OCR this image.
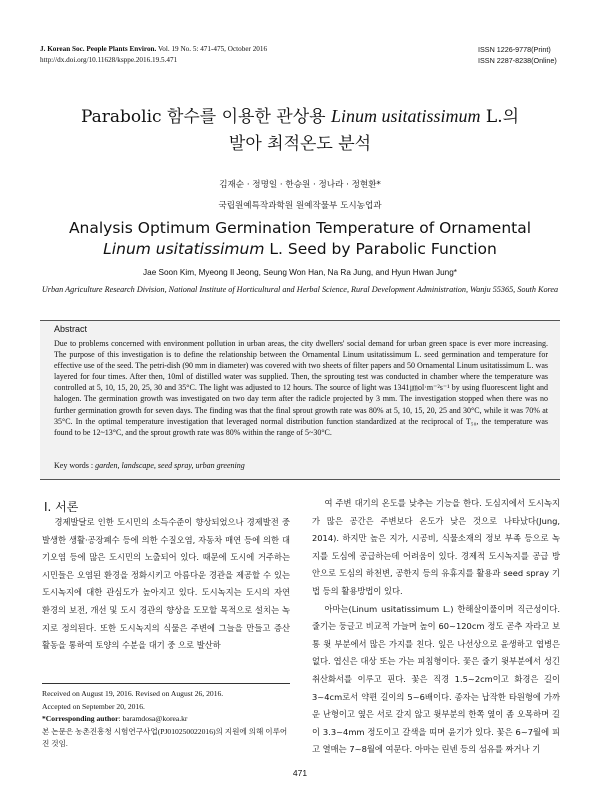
J. Korean Soc. People Plants Environ. Vol. 19 No. 5: 471-475, October 2016
http://dx.doi.org/10.11628/ksppe.2016.19.5.471
ISSN 1226-9778(Print)
ISSN 2287-8238(Online)
Parabolic 함수를 이용한 관상용 Linum usitatissimum L.의
발아 최적온도 분석
김재순 · 정명일 · 한승원 · 정나라 · 정현환*
국립원예특작과학원 원예작물부 도시농업과
Analysis Optimum Germination Temperature of Ornamental
Linum usitatissimum L. Seed by Parabolic Function
Jae Soon Kim, Myeong Il Jeong, Seung Won Han, Na Ra Jung, and Hyun Hwan Jung*
Urban Agriculture Research Division, National Institute of Horticultural and Herbal Science, Rural Development Administration, Wanju 55365, South Korea
Abstract
Due to problems concerned with environment pollution in urban areas, the city dwellers' social demand for urban green space is ever more increasing. The purpose of this investigation is to define the relationship between the Ornamental Linum usitatissimum L. seed germination and temperature for effective use of the seed. The petri-dish (90 mm in diameter) was covered with two sheets of filter papers and 50 Ornamental Linum usitatissimum L. was layered for four times. After then, 10ml of distilled water was supplied. Then, the sprouting test was conducted in chamber where the temperature was controlled at 5, 10, 15, 20, 25, 30 and 35°C. The light was adjusted to 12 hours. The source of light was 1341㎛ol·m⁻²s⁻¹ by using fluorescent light and halogen. The germination growth was investigated on two day term after the radicle projected by 3 mm. The investigation stopped when there was no further germination growth for seven days. The finding was that the final sprout growth rate was 80% at 5, 10, 15, 20, 25 and 30°C, while it was 70% at 35°C. In the optimal temperature investigation that leveraged normal distribution function standardized at the reciprocal of T₅₀, the temperature was found to be 12~13°C, and the sprout growth rate was 80% within the range of 5~30°C.
Key words : garden, landscape, seed spray, urban greening
Ⅰ. 서론
경제발달로 인한 도시민의 소득수준이 향상되었으나 경제발전 중 발생한 생활·공장폐수 등에 의한 수질오염, 자동차 매연 등에 의한 대기오염 등에 많은 도시민의 노출되어 있다. 때문에 도시에 거주하는 시민들은 오염된 환경을 정화시키고 아름다운 경관을 제공할 수 있는 도시녹지에 대한 관심도가 높아지고 있다. 도시녹지는 도시의 자연 환경의 보전, 개선 및 도시 경관의 향상을 도모할 목적으로 설치는 녹지로 정의된다. 또한 도시녹지의 식물은 주변에 그늘을 만들고 증산활동을 통하여 토양의 수분을 대기 중 으로 발산하

여 주변 대기의 온도를 낮추는 기능을 한다. 도심지에서 도시녹지가 많은 공간은 주변보다 온도가 낮은 것으로 나타났다(Jung, 2014). 하지만 높은 지가, 시공비, 식물소재의 정보 부족 등으로 녹지를 도심에 공급하는데 어려움이 있다. 경제적 도시녹지를 공급 방안으로 도심의 하천변, 공한지 등의 유휴지를 활용과 seed spray 기법 등의 활용방법이 있다.

아마는(Linum usitatissimum L.) 한해살이풀이며 직근성이다. 줄기는 둥글고 비교적 가늘며 높이 60~120cm 정도 곧추 자라고 보통 윗 부분에서 많은 가지를 친다. 잎은 나선상으로 윤생하고 엽병은 없다. 엽신은 대상 또는 가는 피침형이다. 꽃은 줄기 윗부분에서 성긴 취산화서를 이루고 핀다. 꽃은 직경 1.5~2cm이고 화경은 길이 3~4cm로서 약편 길이의 5~6배이다. 종자는 납작한 타원형에 가까운 난형이고 옆은 서로 갈지 않고 윗부분의 한쪽 옆이 좀 오목하며 길이 3.3~4mm 정도이고 갈색을 띠며 윤기가 있다. 꽃은 6~7월에 피고 열매는 7~8월에 여문다. 아마는 린넨 등의 섬유를 짜거나 기

Received on August 19, 2016. Revised on August 26, 2016.
Accepted on September 20, 2016.
*Corresponding author: baramdosa@korea.kr
본 논문은 농촌진흥청 시험연구사업(PJ010250022016)의 지원에 의해 이루어진 것임.
471
